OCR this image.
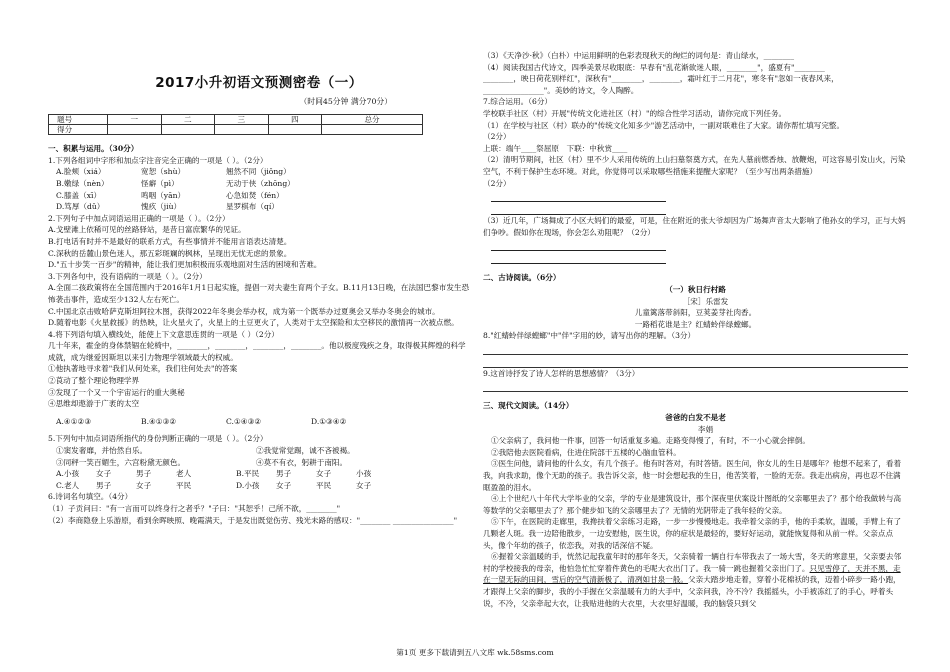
2017小升初语文预测密卷（一）
（时间45分钟 满分70分）
题号	一	二	三	四	总分
得分					
一、积累与运用。（30分）
1.下列各组词中字形和加点字注音完全正确的一项是（ ）。（2分）
A.脸颊（xiá）	宽恕（shù）	翘然不同（jiǒng）
B.嫩绿（nèn）	怪癖（pì）	无动于侠（zhōng）
C.膝盖（xī）	鸣咽（yān）	心急如焚（fén）
D.笃厚（dǔ）	愧疚（jiù）	星罗棋布（qí）
2.下列句子中加点词语运用正确的一项是（ ）。（2分）
A.戈壁滩上依稀可见的丝路驿站，是昔日富庶繁华的见证。
B.打电话有时并不是最好的联系方式，有些事情并不能用言语表达清楚。
C.深秋的岳麓山景色迷人，那五彩斑斓的枫林，呈现出无忧无虑的景象。
D."五十步笑一百步"的精神，能让我们更加积极而乐观地面对生活的困境和苦难。
3.下列各句中，没有语病的一项是（ ）。（2分）
A.全面二孩政策将在全国范围内于2016年1月1日起实施，提倡一对夫妻生育两个子女。B.11月13日晚，在法国巴黎市发生恐怖袭击事件，造成至少132人左右死亡。
C.中国北京击败哈萨克斯坦阿拉木图，获得2022年冬奥会举办权，成为第一个既举办过夏奥会又举办冬奥会的城市。
D.随着电影《火星救援》的热映，让火星火了，火星上的土豆更火了，人类对于太空探险和太空移民的激情再一次被点燃。
4.将下列语句填入横线处，能使上下文意思连贯的一项是（ ）（2分）
几十年来，霍金的身体禁锢在轮椅中，________，________，________，________。他以极度残疾之身，取得极其辉煌的科学成就，成为继爱因斯坦以来引力物理学领域最大的权威。
①他执著地寻求着"我们从何处来，我们往何处去"的答案
②莨动了整个理论物理学界
③发现了一个又一个宇宙运行的重大奥秘
④思维却遨游于广袤的太空
A.④①②③	B.④①③②	C.①④③②	D.①③④②
5.下列句中加点词语所指代的身份判断正确的一项是（ ）。（2分）
①窦发奢靡，并怡然自乐。	②我觉常觉踢，诚不吝被褐。
③同秤一笑百媚生，六宫粉黛无颜色。	④莫不有衣，躬耕于南阳。
A.小孩	女子	男子	老人	B.平民	男子	女子	小孩
C.老人	男子	女子	平民	D.小孩	女子	平民	女子
6.诗词名句填空。（4分）
（1）子贡问曰："有一言而可以终身行之者乎？"子曰："其恕乎！己所不欲，________"
（2）李商隐登上乐游原，看到余晖映照、晚霞满天，于是发出既觉伤劳、残光未路的感叹："________ ________________"
（3）《天净沙·秋》（白朴）中运用鲜明的色彩表现秋天的绚烂的词句是：青山绿水，________
（4）阅读我国古代诗文，四季美景尽收眼底：早春有"乱花渐欲迷人眼，________"，盛夏有"________
________，映日荷花别样红"，深秋有"________，________，霜叶红于二月花"，寒冬有"忽如一夜春风来，
________________"。美妙的诗文，令人陶醉。
7.综合运用。（6分）
学校联手社区（村）开展"传统文化进社区（村）"的综合性学习活动，请你完成下列任务。
（1）在学校与社区（村）联办的"传统文化知多少"游艺活动中，一副对联难住了大家。请你帮忙填写完整。
（2分）
上联：端午____祭屈原　下联：中秋赏____
（2）清明节期间，社区（村）里不少人采用传统的上山扫墓祭奠方式，在先人墓前燃香烛、放鞭炮，可这容易引发山火，污染空气，不利于保护生态环境。对此，你觉得可以采取哪些措施来提醒大家呢？（至少写出两条措施）
（2分）
（3）近几年，广场舞成了小区大妈们的最爱，可是，住在附近的张大爷却因为广场舞声音太大影响了他孙女的学习，正与大妈们争吵。假如你在现场，你会怎么劝阻呢？（2分）
二、古诗阅读。（6分）
（一）秋日行村路
［宋］乐雷发
儿童篱落带斜阳，豆荚姜芽社肉香。
一路稻花谁是主？红蜻蛉伴绿螳螂。
8."红蜻蛉伴绿螳螂"中"伴"字用的妙，请写出你的理解。（3分）
9.这首诗抒发了诗人怎样的思想感情？（3分）
三、现代文阅读。（14分）
爸爸的白发不是老
李娟
①父亲病了，我问他一件事，回答一句话重复多遍。走路变得慢了，有时，不一小心就会摔倒。
②我陪他去医院看病，住进住院部干五楼的心脑血管科。
③医生问他，请问他的什么女，有几个孩子。他有时答对，有时答错。医生问，你女儿的生日是哪年？他想不起来了，看着我，向我求助，像个无助的孩子。我告诉父亲，他一时会想起我的生日，他苦笑着，一脸的无奈。我走出病房，再也忍不住满眶盈盈的泪水。
④上个世纪八十年代大学毕业的父亲，学的专业是建筑设计，那个深夜里伏案设计图纸的父亲哪里去了？那个给我做转与高等数学的父亲哪里去了？那个健步如飞的父亲哪里去了？无情的光阴带走了我年轻的父亲。
⑤下午，在医院的走廊里，我搀扶着父亲练习走路，一步一步慢慢地走。我牵着父亲的手，他的手柔软，温暖，手臂上有了几颗老人斑。我一边陪他散步，一边安慰他，医生说，你的症状是最轻的，要好好运动，就能恢复得和从前一样。父亲点点头，像个年幼的孩子，依恋我，对我的话深信不疑。
⑥握着父亲温暖的手，恍然记起我童年时的那年冬天，父亲骑着一辆自行车带我去了一场大雪，冬天的寒意里，父亲要去邻村的学校接我的母亲，他怕急忙忙穿着件黄色的毛呢大衣出门了。我一骑一跳也握着父亲出门了。只见雪停了，天并不黑，走在一望无际的田间，雪后的空气清新极了，清冽如甘泉一般。父亲大踏步地走着，穿着小花棉袄的我，迈着小碎步一路小跑，才跟得上父亲的脚步，我的小手握在父亲温暖有力的大手中，父亲问我，冷不冷？我摇摇头，小手被冻红了的手心，呼着头说，不冷，父亲牵起大衣，让我贴进他的大衣里，大衣里好温暖，我的脑袋只到父
第1页 更多下载请到五八文库 wk.58sms.com
